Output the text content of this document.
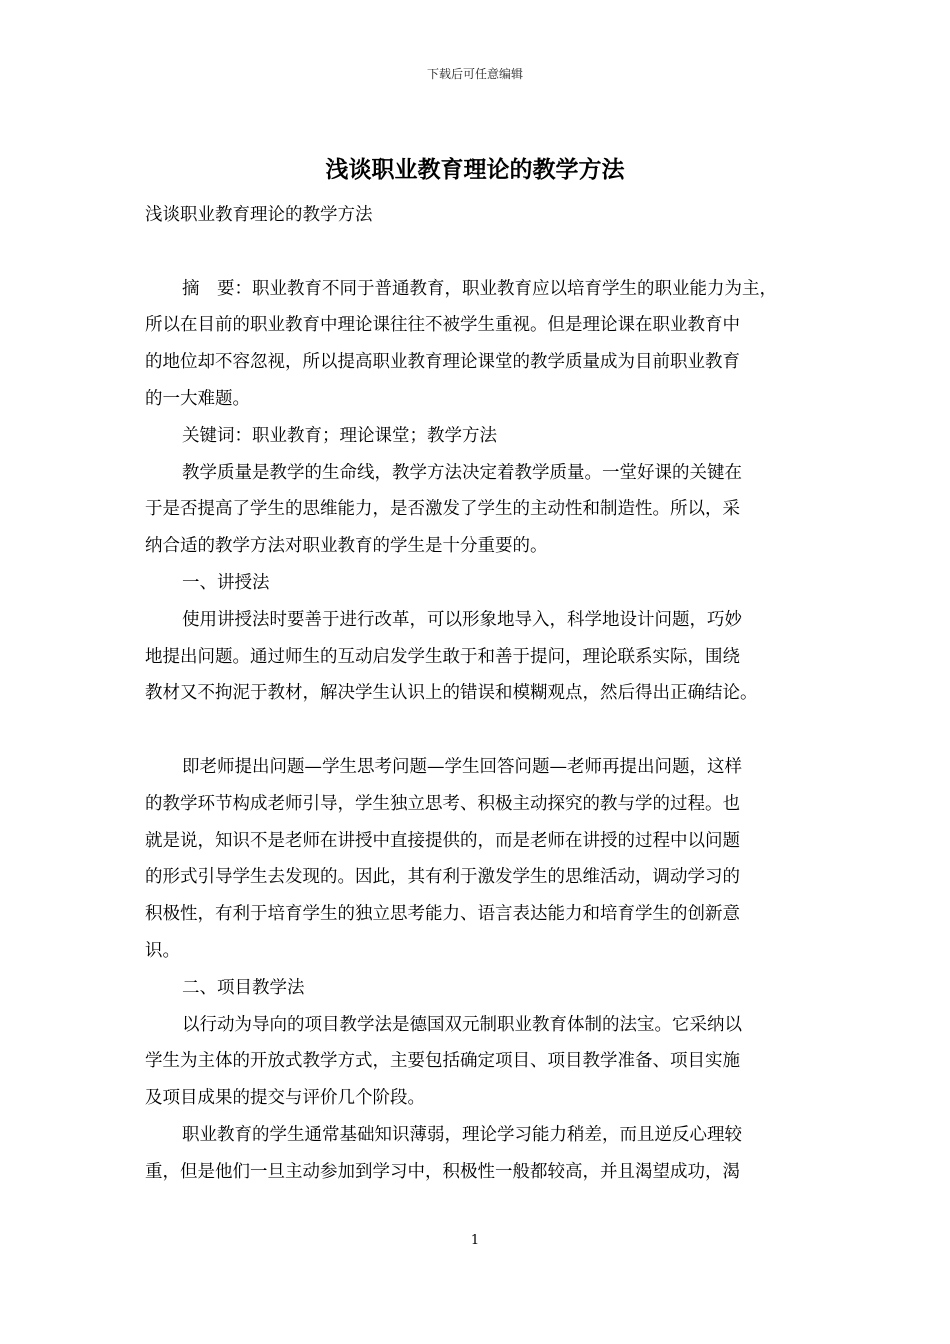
下载后可任意编辑
浅谈职业教育理论的教学方法

浅谈职业教育理论的教学方法

摘　要：职业教育不同于普通教育，职业教育应以培育学生的职业能力为主，
所以在目前的职业教育中理论课往往不被学生重视。但是理论课在职业教育中
的地位却不容忽视，所以提高职业教育理论课堂的教学质量成为目前职业教育
的一大难题。

关键词：职业教育；理论课堂；教学方法

教学质量是教学的生命线，教学方法决定着教学质量。一堂好课的关键在
于是否提高了学生的思维能力，是否激发了学生的主动性和制造性。所以，采
纳合适的教学方法对职业教育的学生是十分重要的。

一、讲授法

使用讲授法时要善于进行改革，可以形象地导入，科学地设计问题，巧妙
地提出问题。通过师生的互动启发学生敢于和善于提问，理论联系实际，围绕
教材又不拘泥于教材，解决学生认识上的错误和模糊观点，然后得出正确结论。

即老师提出问题—学生思考问题—学生回答问题—老师再提出问题，这样
的教学环节构成老师引导，学生独立思考、积极主动探究的教与学的过程。也
就是说，知识不是老师在讲授中直接提供的，而是老师在讲授的过程中以问题
的形式引导学生去发现的。因此，其有利于激发学生的思维活动，调动学习的
积极性，有利于培育学生的独立思考能力、语言表达能力和培育学生的创新意
识。

二、项目教学法

以行动为导向的项目教学法是德国双元制职业教育体制的法宝。它采纳以
学生为主体的开放式教学方式，主要包括确定项目、项目教学准备、项目实施
及项目成果的提交与评价几个阶段。

职业教育的学生通常基础知识薄弱，理论学习能力稍差，而且逆反心理较
重，但是他们一旦主动参加到学习中，积极性一般都较高，并且渴望成功，渴

1
